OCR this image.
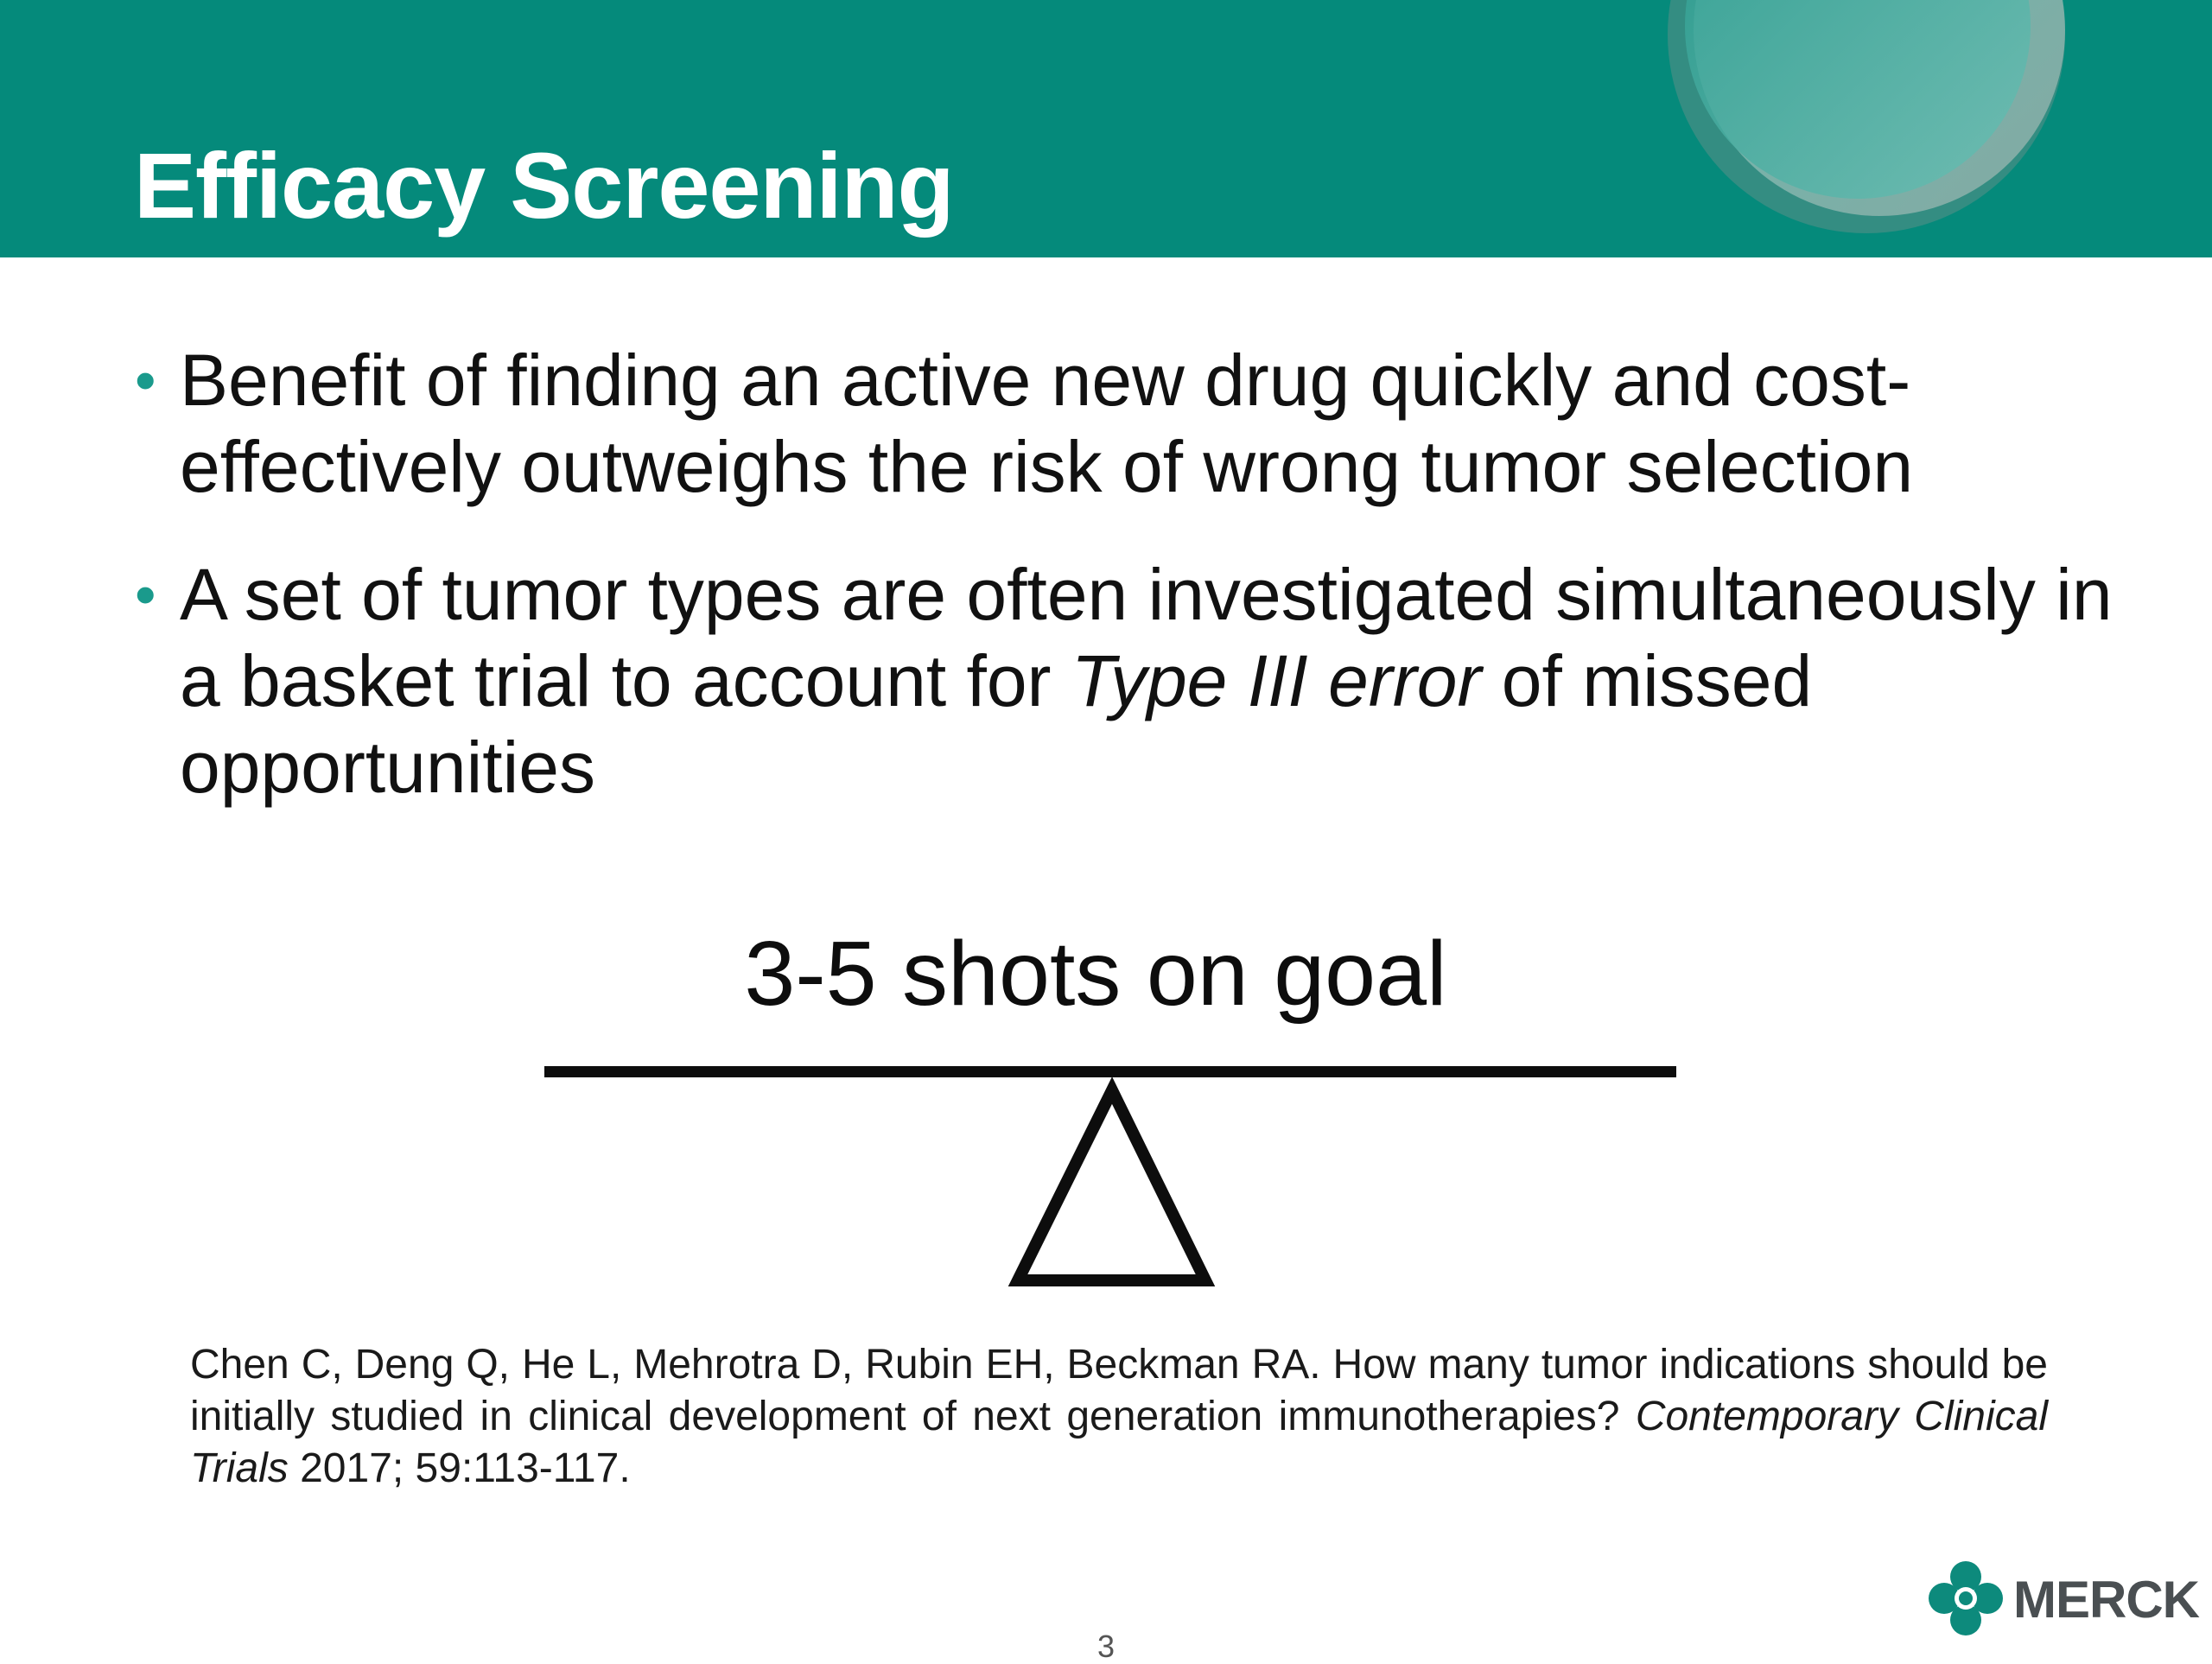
Efficacy Screening
• Benefit of finding an active new drug quickly and cost-effectively outweighs the risk of wrong tumor selection
• A set of tumor types are often investigated simultaneously in a basket trial to account for Type III error of missed opportunities
3-5 shots on goal
Chen C, Deng Q, He L, Mehrotra D, Rubin EH, Beckman RA. How many tumor indications should be initially studied in clinical development of next generation immunotherapies? Contemporary Clinical Trials 2017; 59:113-117.
3
MERCK
